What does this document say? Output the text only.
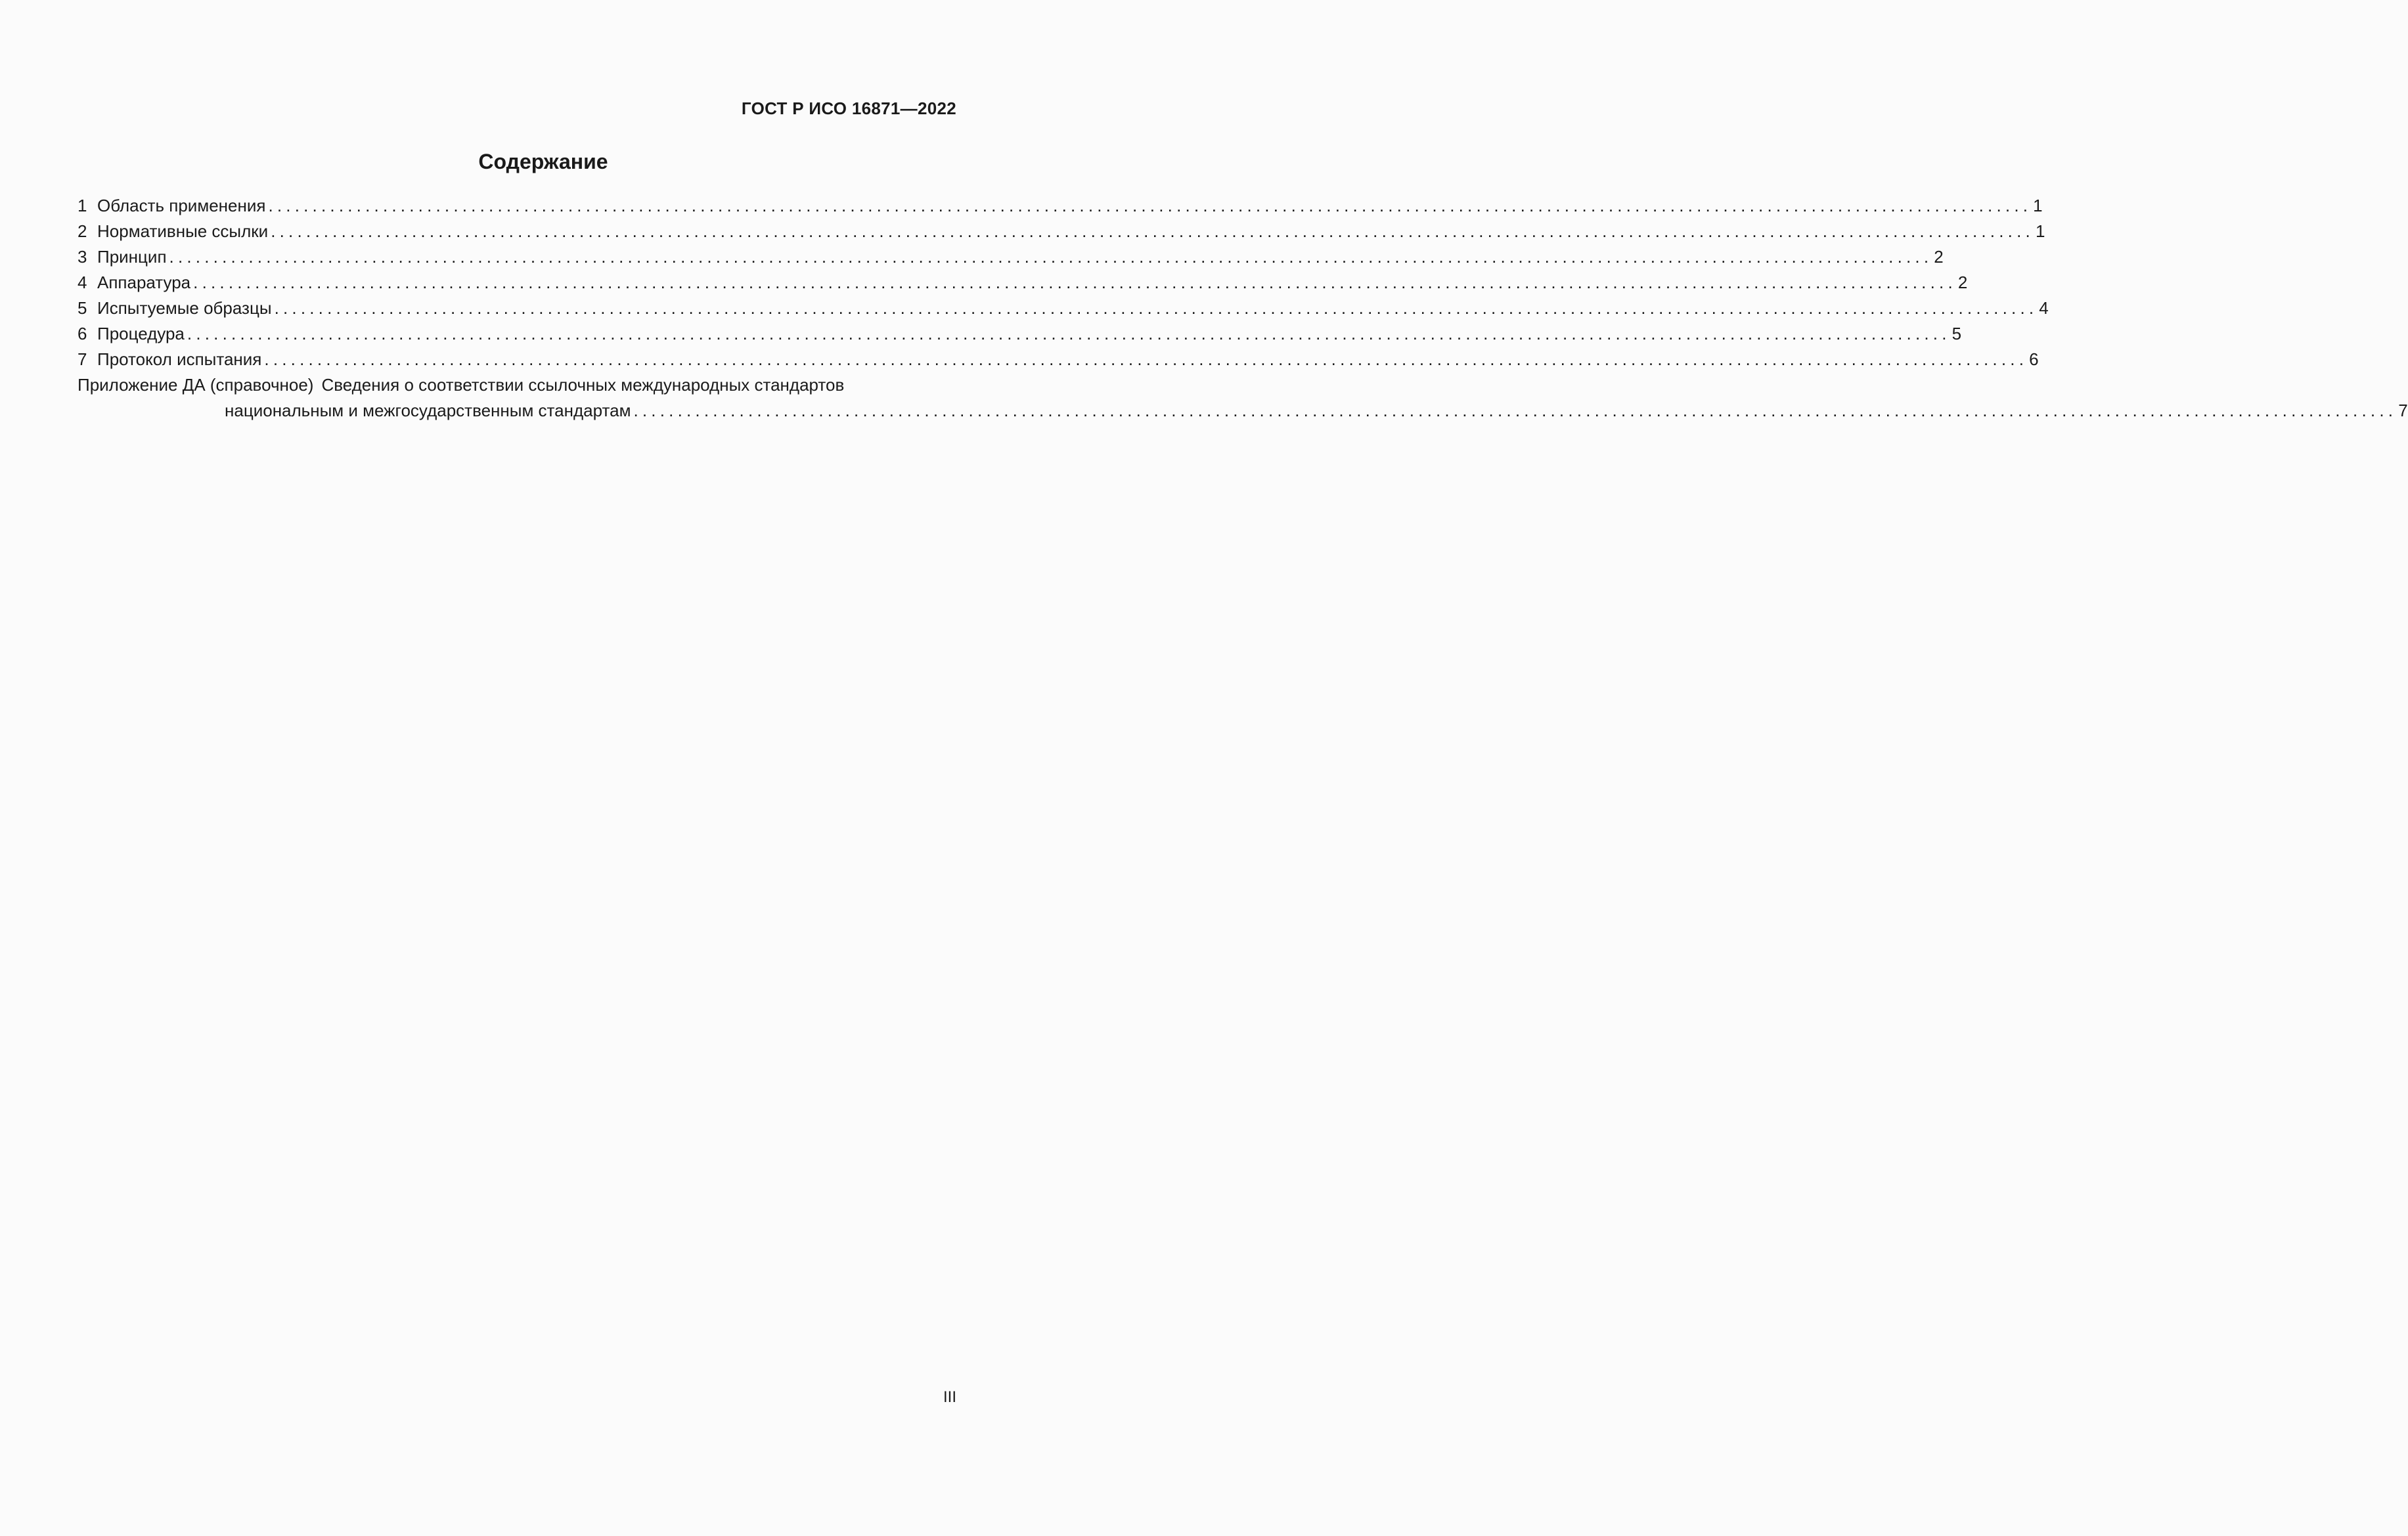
ГОСТ Р ИСО 16871—2022
Содержание
1 Область применения ........................................................................................................................................................................................................ 1
2 Нормативные ссылки ........................................................................................................................................................................................................ 1
3 Принцип ........................................................................................................................................................................................................ 2
4 Аппаратура ........................................................................................................................................................................................................ 2
5 Испытуемые образцы ........................................................................................................................................................................................................ 4
6 Процедура ........................................................................................................................................................................................................ 5
7 Протокол испытания ........................................................................................................................................................................................................ 6
Приложение ДА (справочное) Сведения о соответствии ссылочных международных стандартов
национальным и межгосударственным стандартам ........................................................................................................................................................................................................ 7
III
